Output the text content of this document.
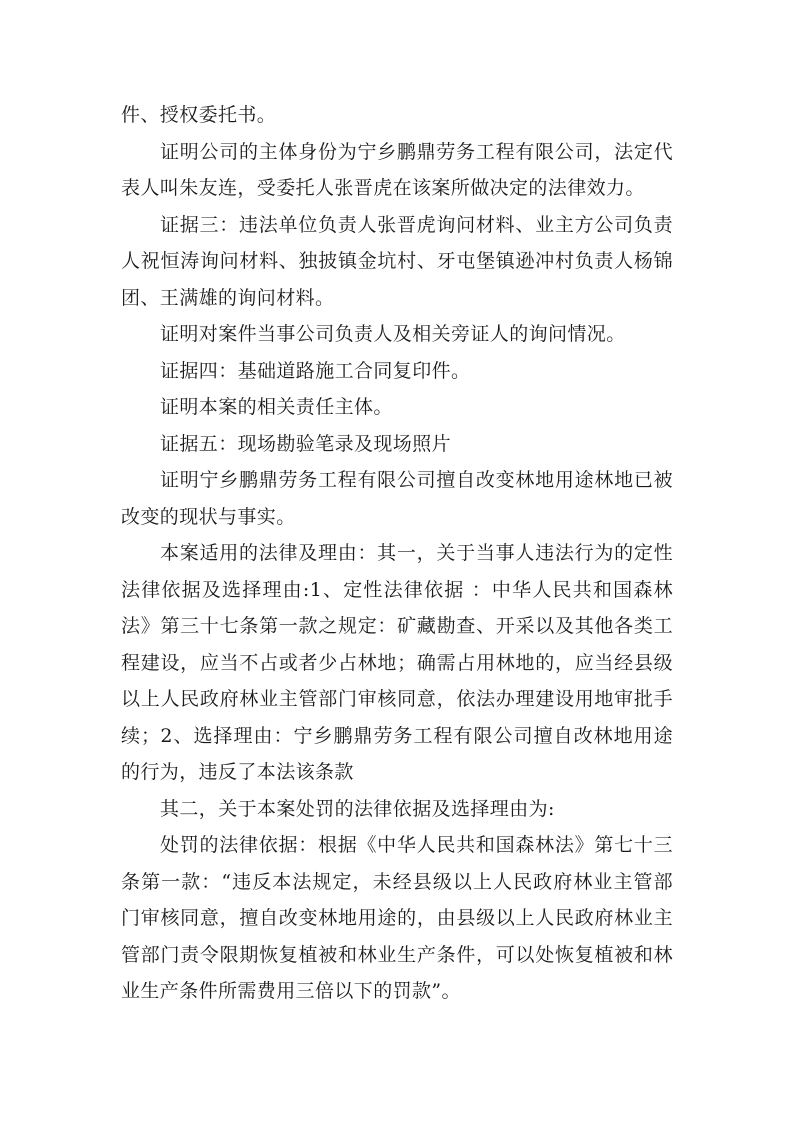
件、授权委托书。

证明公司的主体身份为宁乡鹏鼎劳务工程有限公司，法定代表人叫朱友连，受委托人张晋虎在该案所做决定的法律效力。

证据三：违法单位负责人张晋虎询问材料、业主方公司负责人祝恒涛询问材料、独披镇金坑村、牙屯堡镇逊冲村负责人杨锦团、王满雄的询问材料。

证明对案件当事公司负责人及相关旁证人的询问情况。

证据四：基础道路施工合同复印件。

证明本案的相关责任主体。

证据五：现场勘验笔录及现场照片

证明宁乡鹏鼎劳务工程有限公司擅自改变林地用途林地已被改变的现状与事实。

本案适用的法律及理由：其一，关于当事人违法行为的定性法律依据及选择理由:1、定性法律依据 ：中华人民共和国森林法》第三十七条第一款之规定：矿藏勘查、开采以及其他各类工程建设，应当不占或者少占林地；确需占用林地的，应当经县级以上人民政府林业主管部门审核同意，依法办理建设用地审批手续；2、选择理由：宁乡鹏鼎劳务工程有限公司擅自改林地用途的行为，违反了本法该条款

其二，关于本案处罚的法律依据及选择理由为:

处罚的法律依据：根据《中华人民共和国森林法》第七十三条第一款：“违反本法规定，未经县级以上人民政府林业主管部门审核同意，擅自改变林地用途的，由县级以上人民政府林业主管部门责令限期恢复植被和林业生产条件，可以处恢复植被和林业生产条件所需费用三倍以下的罚款”。
